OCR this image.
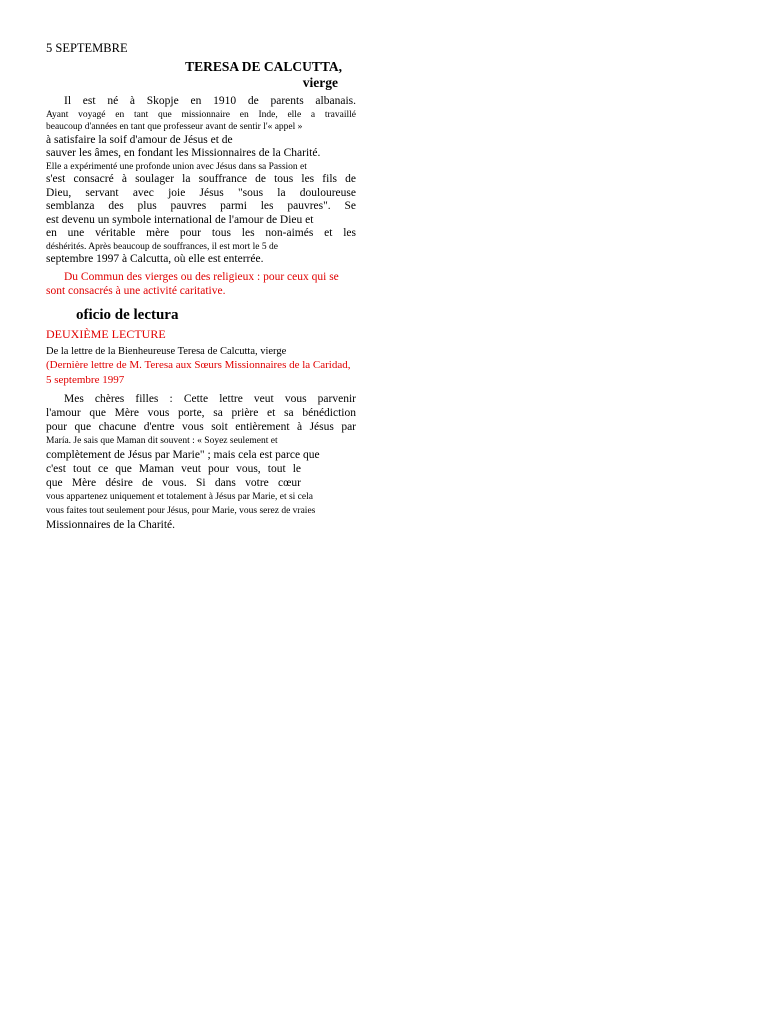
5 SEPTEMBRE
TERESA DE CALCUTTA,
vierge
Il est né à Skopje en 1910 de parents albanais.
Ayant voyagé en tant que missionnaire en Inde, elle a travaillé
beaucoup d'années en tant que professeur avant de sentir l'« appel »
à satisfaire la soif d'amour de Jésus et de
sauver les âmes, en fondant les Missionnaires de la Charité.
Elle a expérimenté une profonde union avec Jésus dans sa Passion et
s'est consacré à soulager la souffrance de tous les fils de
Dieu, servant avec joie Jésus "sous la douloureuse
semblanza des plus pauvres parmi les pauvres". Se
est devenu un symbole international de l'amour de Dieu et
en une véritable mère pour tous les non-aimés et les
déshérités. Après beaucoup de souffrances, il est mort le 5 de
septembre 1997 à Calcutta, où elle est enterrée.
Du Commun des vierges ou des religieux : pour ceux qui se sont consacrés à une activité caritative.
oficio de lectura
DEUXIÈME LECTURE
De la lettre de la Bienheureuse Teresa de Calcutta, vierge
(Dernière lettre de M. Teresa aux Sœurs Missionnaires de la Caridad, 5 septembre 1997
Mes chères filles : Cette lettre veut vous parvenir
l'amour que Mère vous porte, sa prière et sa bénédiction
pour que chacune d'entre vous soit entièrement à Jésus par
María. Je sais que Maman dit souvent : « Soyez seulement et
complètement de Jésus par Marie" ; mais cela est parce que
c'est tout ce que Maman veut pour vous, tout le
que Mère désire de vous. Si dans votre cœur
vous appartenez uniquement et totalement à Jésus par Marie, et si cela
vous faites tout seulement pour Jésus, pour Marie, vous serez de vraies
Missionnaires de la Charité.
